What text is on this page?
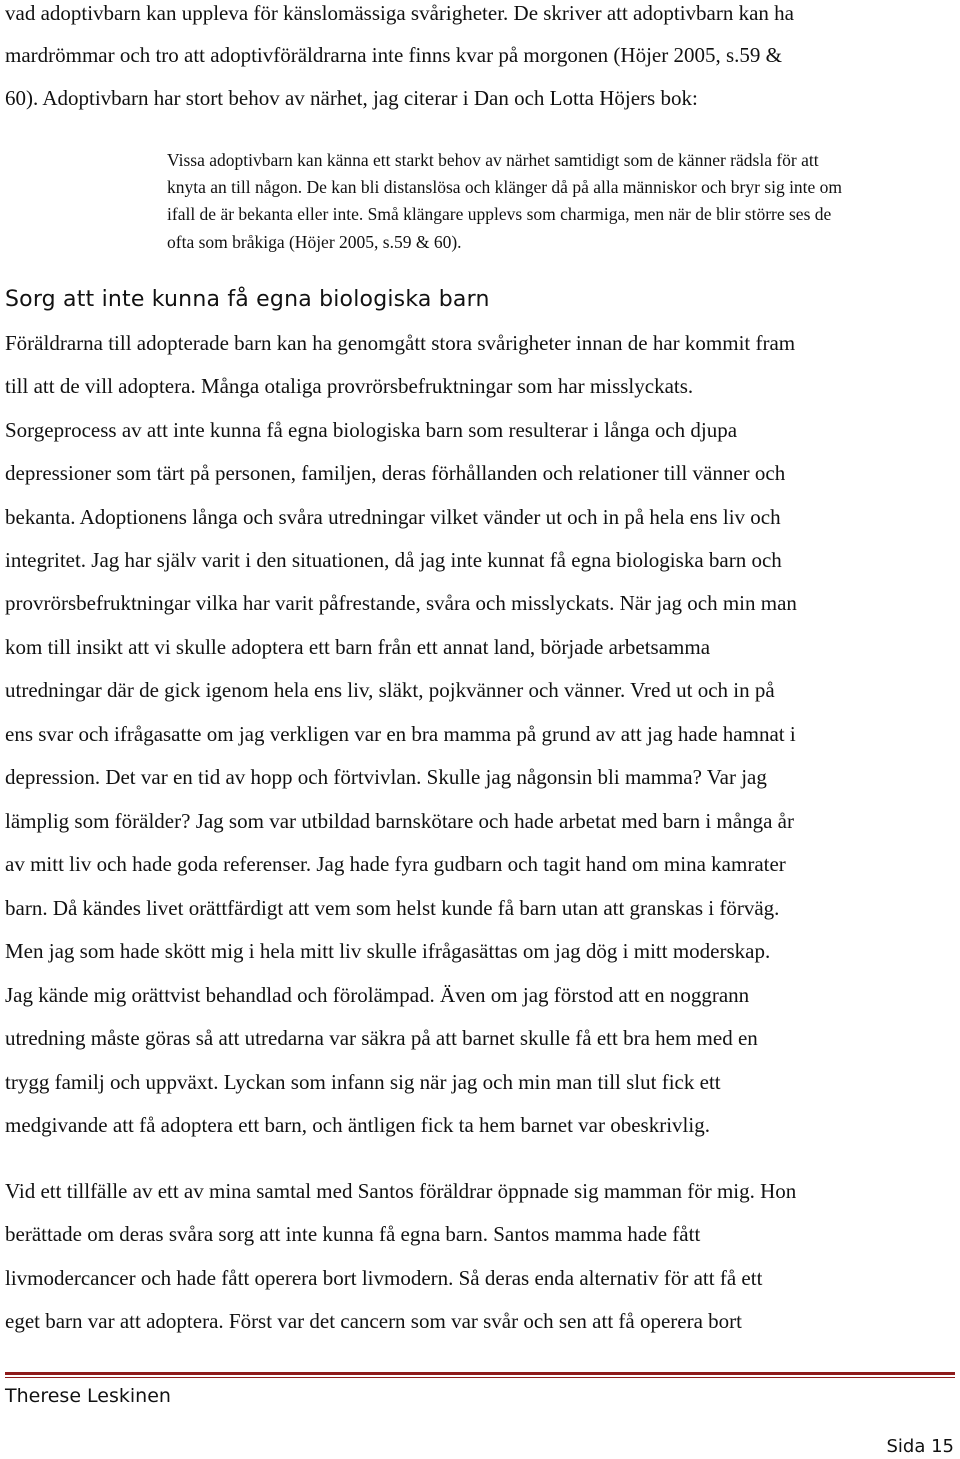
vad adoptivbarn kan uppleva för känslomässiga svårigheter. De skriver att adoptivbarn kan ha
mardrömmar och tro att adoptivföräldrarna inte finns kvar på morgonen (Höjer 2005, s.59 &
60). Adoptivbarn har stort behov av närhet, jag citerar i Dan och Lotta Höjers bok:
Vissa adoptivbarn kan känna ett starkt behov av närhet samtidigt som de känner rädsla för att
knyta an till någon. De kan bli distanslösa och klänger då på alla människor och bryr sig inte om
ifall de är bekanta eller inte. Små klängare upplevs som charmiga, men när de blir större ses de
ofta som bråkiga (Höjer 2005, s.59 & 60).
Sorg att inte kunna få egna biologiska barn
Föräldrarna till adopterade barn kan ha genomgått stora svårigheter innan de har kommit fram
till att de vill adoptera. Många otaliga provrörsbefruktningar som har misslyckats.
Sorgeprocess av att inte kunna få egna biologiska barn som resulterar i långa och djupa
depressioner som tärt på personen, familjen, deras förhållanden och relationer till vänner och
bekanta. Adoptionens långa och svåra utredningar vilket vänder ut och in på hela ens liv och
integritet. Jag har själv varit i den situationen, då jag inte kunnat få egna biologiska barn och
provrörsbefruktningar vilka har varit påfrestande, svåra och misslyckats. När jag och min man
kom till insikt att vi skulle adoptera ett barn från ett annat land, började arbetsamma
utredningar där de gick igenom hela ens liv, släkt, pojkvänner och vänner. Vred ut och in på
ens svar och ifrågasatte om jag verkligen var en bra mamma på grund av att jag hade hamnat i
depression. Det var en tid av hopp och förtvivlan. Skulle jag någonsin bli mamma? Var jag
lämplig som förälder? Jag som var utbildad barnskötare och hade arbetat med barn i många år
av mitt liv och hade goda referenser. Jag hade fyra gudbarn och tagit hand om mina kamrater
barn. Då kändes livet orättfärdigt att vem som helst kunde få barn utan att granskas i förväg.
Men jag som hade skött mig i hela mitt liv skulle ifrågasättas om jag dög i mitt moderskap.
Jag kände mig orättvist behandlad och förolämpad. Även om jag förstod att en noggrann
utredning måste göras så att utredarna var säkra på att barnet skulle få ett bra hem med en
trygg familj och uppväxt. Lyckan som infann sig när jag och min man till slut fick ett
medgivande att få adoptera ett barn, och äntligen fick ta hem barnet var obeskrivlig.
Vid ett tillfälle av ett av mina samtal med Santos föräldrar öppnade sig mamman för mig. Hon
berättade om deras svåra sorg att inte kunna få egna barn. Santos mamma hade fått
livmodercancer och hade fått operera bort livmodern. Så deras enda alternativ för att få ett
eget barn var att adoptera. Först var det cancern som var svår och sen att få operera bort
Therese Leskinen
Sida 15
